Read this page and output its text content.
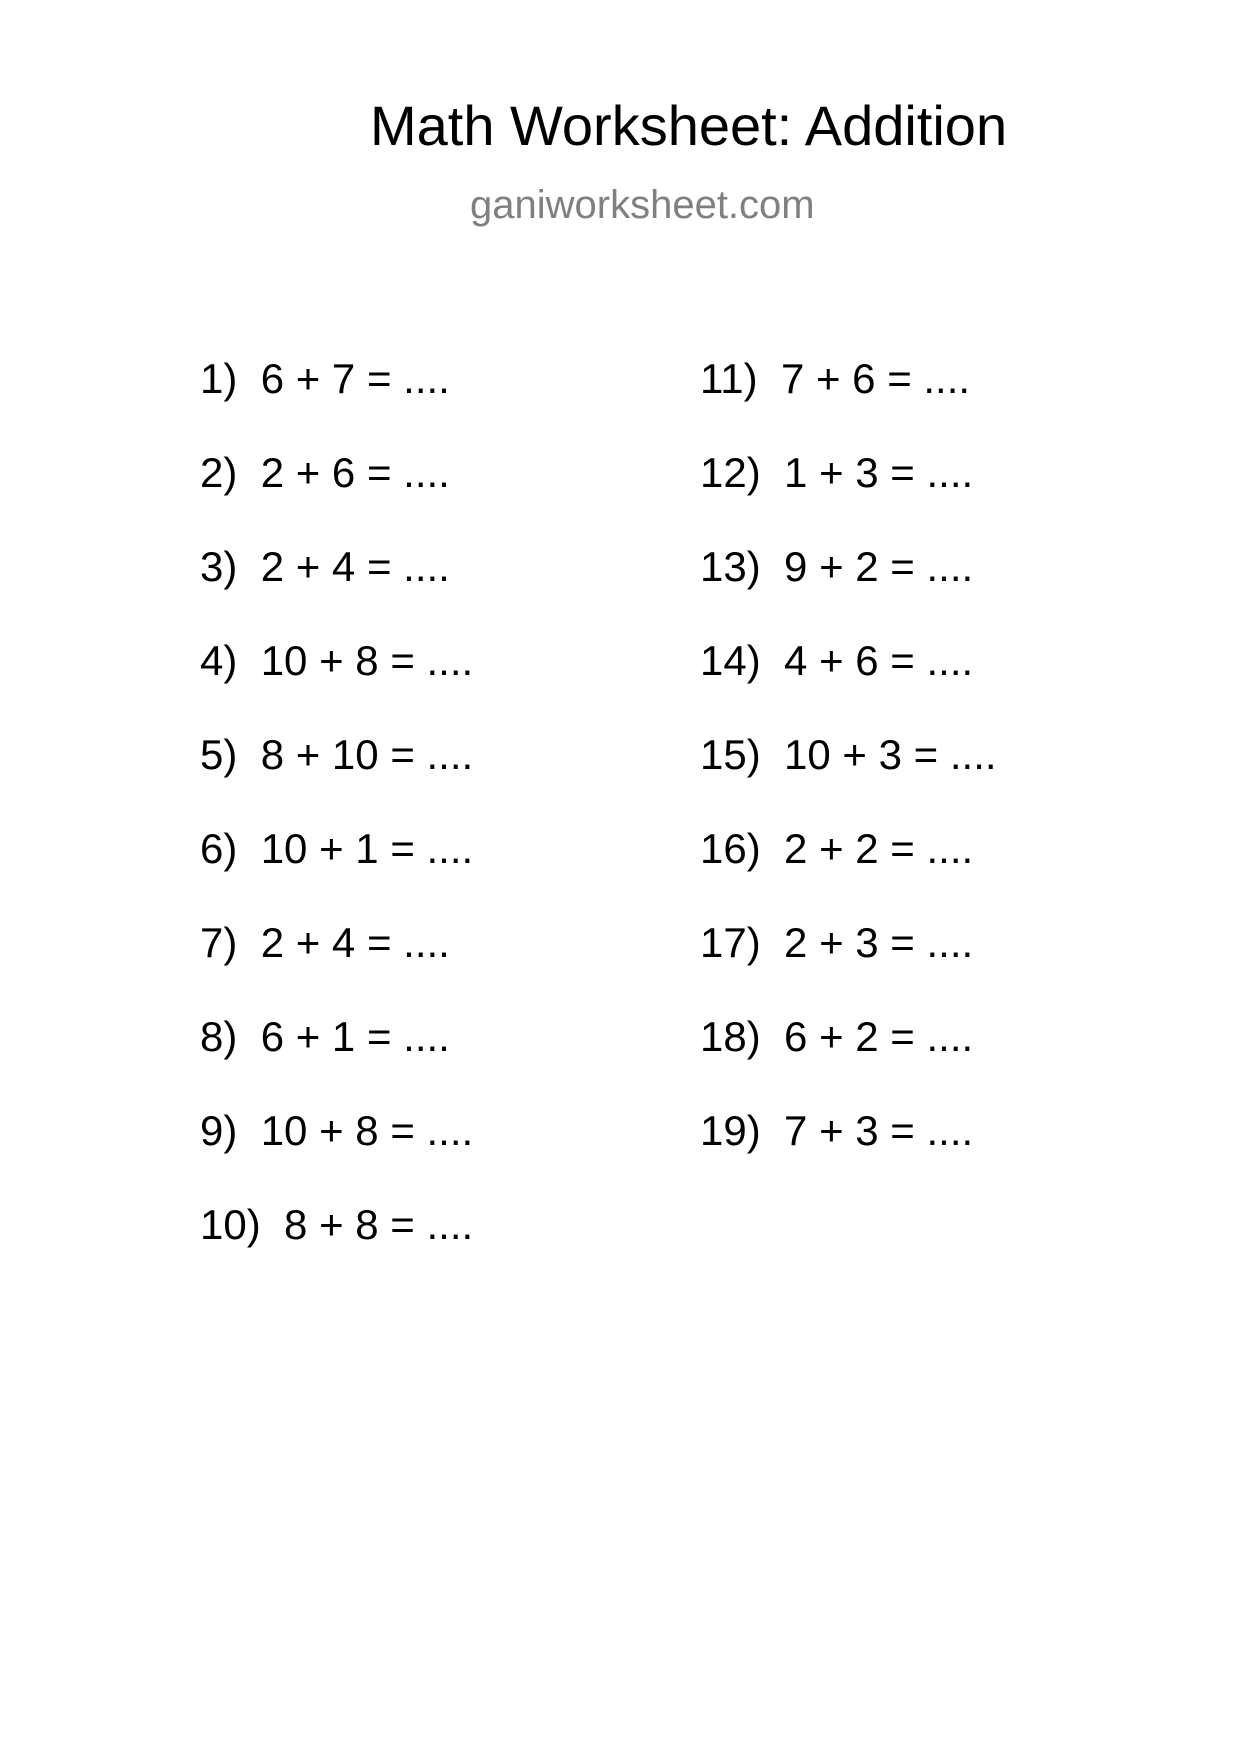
Math Worksheet: Addition
ganiworksheet.com
1) 6 + 7 = ....
2) 2 + 6 = ....
3) 2 + 4 = ....
4) 10 + 8 = ....
5) 8 + 10 = ....
6) 10 + 1 = ....
7) 2 + 4 = ....
8) 6 + 1 = ....
9) 10 + 8 = ....
10) 8 + 8 = ....
11) 7 + 6 = ....
12) 1 + 3 = ....
13) 9 + 2 = ....
14) 4 + 6 = ....
15) 10 + 3 = ....
16) 2 + 2 = ....
17) 2 + 3 = ....
18) 6 + 2 = ....
19) 7 + 3 = ....
